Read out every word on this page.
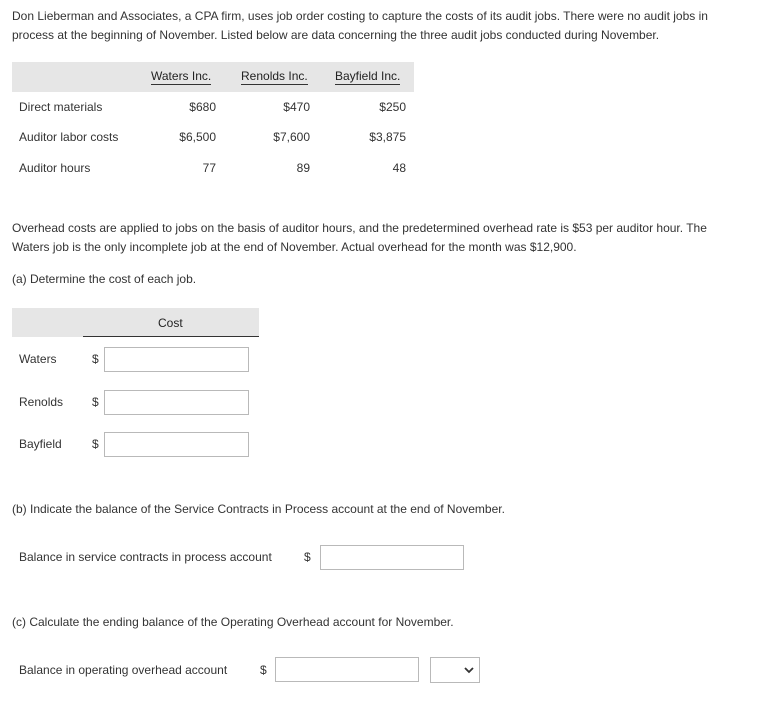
Don Lieberman and Associates, a CPA firm, uses job order costing to capture the costs of its audit jobs. There were no audit jobs in
process at the beginning of November. Listed below are data concerning the three audit jobs conducted during November.
Waters Inc. Renolds Inc. Bayfield Inc.
Direct materials	$680	$470	$250
Auditor labor costs	$6,500	$7,600	$3,875
Auditor hours	77	89	48
Overhead costs are applied to jobs on the basis of auditor hours, and the predetermined overhead rate is $53 per auditor hour. The
Waters job is the only incomplete job at the end of November. Actual overhead for the month was $12,900.
(a) Determine the cost of each job.
Cost
Waters	$
Renolds $
Bayfield	$
(b) Indicate the balance of the Service Contracts in Process account at the end of November.
Balance in service contracts in process account	$
(c) Calculate the ending balance of the Operating Overhead account for November.
Balance in operating overhead account	$
